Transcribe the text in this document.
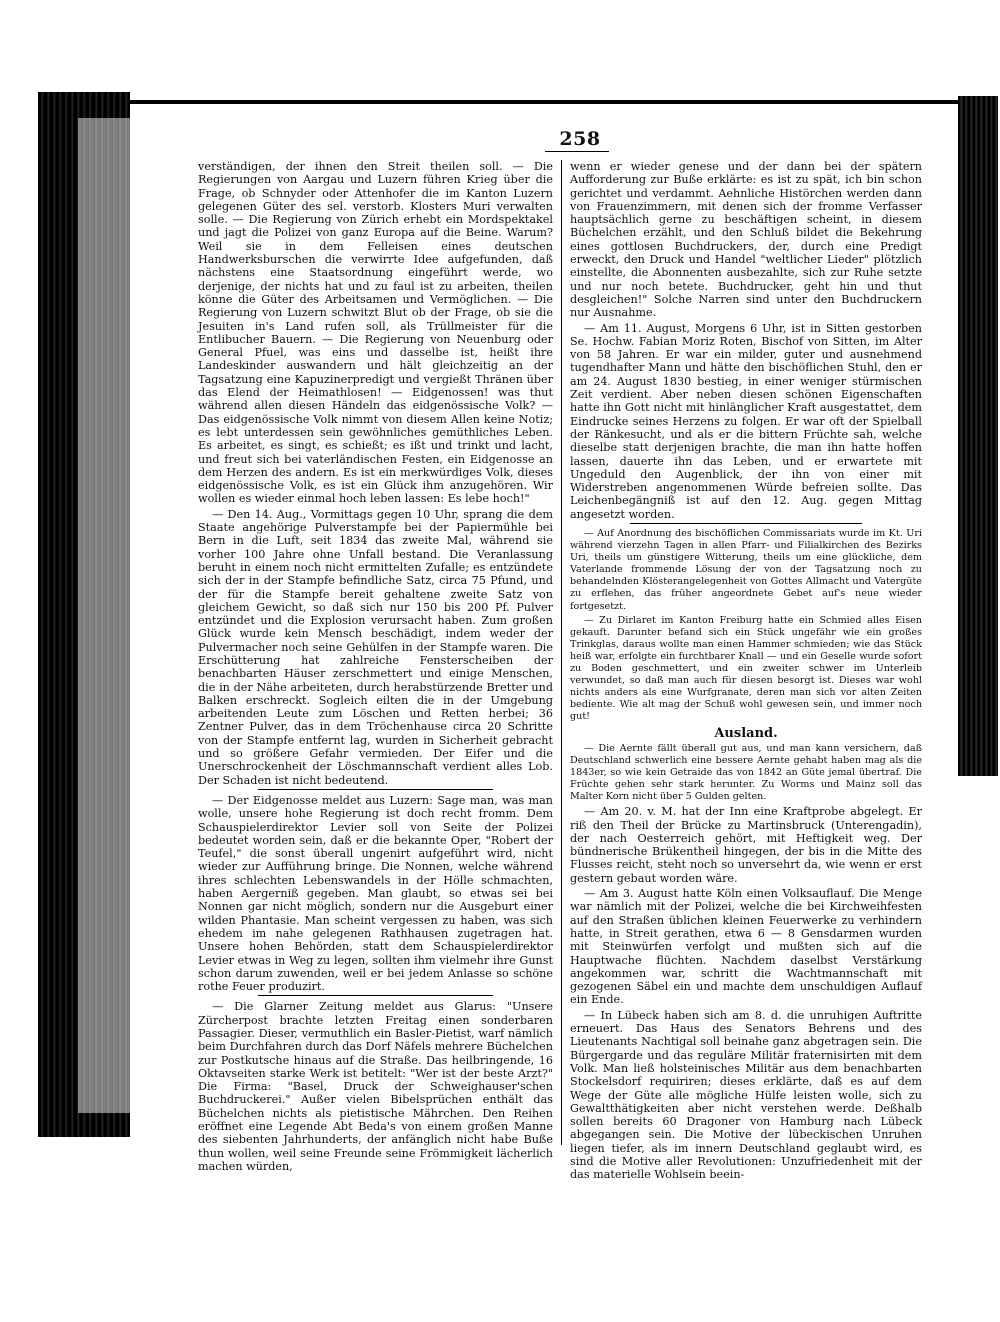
258

verständigen, der ihnen den Streit theilen soll. — Die Regierungen von Aargau und Luzern führen Krieg über die Frage, ob Schnyder oder Attenhofer die im Kanton Luzern gelegenen Güter des sel. verstorb. Klosters Muri verwalten solle. — Die Regierung von Zürich erhebt ein Mordspektakel und jagt die Polizei von ganz Europa auf die Beine. Warum? Weil sie in dem Felleisen eines deutschen Handwerksburschen die verwirrte Idee aufgefunden, daß nächstens eine Staatsordnung eingeführt werde, wo derjenige, der nichts hat und zu faul ist zu arbeiten, theilen könne die Güter des Arbeitsamen und Vermöglichen. — Die Regierung von Luzern schwitzt Blut ob der Frage, ob sie die Jesuiten in's Land rufen soll, als Trüllmeister für die Entlibucher Bauern. — Die Regierung von Neuenburg oder General Pfuel, was eins und dasselbe ist, heißt ihre Landeskinder auswandern und hält gleichzeitig an der Tagsatzung eine Kapuzinerpredigt und vergießt Thränen über das Elend der Heimathlosen! — Eidgenossen! was thut während allen diesen Händeln das eidgenössische Volk? — Das eidgenössische Volk nimmt von diesem Allen keine Notiz; es lebt unterdessen sein gewöhnliches gemüthliches Leben. Es arbeitet, es singt, es schießt; es ißt und trinkt und lacht, und freut sich bei vaterländischen Festen, ein Eidgenosse an dem Herzen des andern. Es ist ein merkwürdiges Volk, dieses eidgenössische Volk, es ist ein Glück ihm anzugehören. Wir wollen es wieder einmal hoch leben lassen: Es lebe hoch!"

— Den 14. Aug., Vormittags gegen 10 Uhr, sprang die dem Staate angehörige Pulverstampfe bei der Papiermühle bei Bern in die Luft, seit 1834 das zweite Mal, während sie vorher 100 Jahre ohne Unfall bestand. Die Veranlassung beruht in einem noch nicht ermittelten Zufalle; es entzündete sich der in der Stampfe befindliche Satz, circa 75 Pfund, und der für die Stampfe bereit gehaltene zweite Satz von gleichem Gewicht, so daß sich nur 150 bis 200 Pf. Pulver entzündet und die Explosion verursacht haben. Zum großen Glück wurde kein Mensch beschädigt, indem weder der Pulvermacher noch seine Gehülfen in der Stampfe waren. Die Erschütterung hat zahlreiche Fensterscheiben der benachbarten Häuser zerschmettert und einige Menschen, die in der Nähe arbeiteten, durch herabstürzende Bretter und Balken erschreckt. Sogleich eilten die in der Umgebung arbeitenden Leute zum Löschen und Retten herbei; 36 Zentner Pulver, das in dem Tröchenhause circa 20 Schritte von der Stampfe entfernt lag, wurden in Sicherheit gebracht und so größere Gefahr vermieden. Der Eifer und die Unerschrockenheit der Löschmannschaft verdient alles Lob. Der Schaden ist nicht bedeutend.

— Der Eidgenosse meldet aus Luzern: Sage man, was man wolle, unsere hohe Regierung ist doch recht fromm. Dem Schauspielerdirektor Levier soll von Seite der Polizei bedeutet worden sein, daß er die bekannte Oper, "Robert der Teufel," die sonst überall ungenirt aufgeführt wird, nicht wieder zur Aufführung bringe. Die Nonnen, welche während ihres schlechten Lebenswandels in der Hölle schmachten, haben Aergerniß gegeben. Man glaubt, so etwas sei bei Nonnen gar nicht möglich, sondern nur die Ausgeburt einer wilden Phantasie. Man scheint vergessen zu haben, was sich ehedem im nahe gelegenen Rathhausen zugetragen hat. Unsere hohen Behörden, statt dem Schauspielerdirektor Levier etwas in Weg zu legen, sollten ihm vielmehr ihre Gunst schon darum zuwenden, weil er bei jedem Anlasse so schöne rothe Feuer produzirt.

— Die Glarner Zeitung meldet aus Glarus: "Unsere Zürcherpost brachte letzten Freitag einen sonderbaren Passagier. Dieser, vermuthlich ein Basler-Pietist, warf nämlich beim Durchfahren durch das Dorf Näfels mehrere Büchelchen zur Postkutsche hinaus auf die Straße. Das heilbringende, 16 Oktavseiten starke Werk ist betitelt: "Wer ist der beste Arzt?" Die Firma: "Basel, Druck der Schweighauser'schen Buchdruckerei." Außer vielen Bibelsprüchen enthält das Büchelchen nichts als pietistische Mährchen. Den Reihen eröffnet eine Legende Abt Beda's von einem großen Manne des siebenten Jahrhunderts, der anfänglich nicht habe Buße thun wollen, weil seine Freunde seine Frömmigkeit lächerlich machen würden,

wenn er wieder genese und der dann bei der spätern Aufforderung zur Buße erklärte: es ist zu spät, ich bin schon gerichtet und verdammt. Aehnliche Histörchen werden dann von Frauenzimmern, mit denen sich der fromme Verfasser hauptsächlich gerne zu beschäftigen scheint, in diesem Büchelchen erzählt, und den Schluß bildet die Bekehrung eines gottlosen Buchdruckers, der, durch eine Predigt erweckt, den Druck und Handel "weltlicher Lieder" plötzlich einstellte, die Abonnenten ausbezahlte, sich zur Ruhe setzte und nur noch betete. Buchdrucker, geht hin und thut desgleichen!" Solche Narren sind unter den Buchdruckern nur Ausnahme.

— Am 11. August, Morgens 6 Uhr, ist in Sitten gestorben Se. Hochw. Fabian Moriz Roten, Bischof von Sitten, im Alter von 58 Jahren. Er war ein milder, guter und ausnehmend tugendhafter Mann und hätte den bischöflichen Stuhl, den er am 24. August 1830 bestieg, in einer weniger stürmischen Zeit verdient. Aber neben diesen schönen Eigenschaften hatte ihn Gott nicht mit hinlänglicher Kraft ausgestattet, dem Eindrucke seines Herzens zu folgen. Er war oft der Spielball der Ränkesucht, und als er die bittern Früchte sah, welche dieselbe statt derjenigen brachte, die man ihn hatte hoffen lassen, dauerte ihn das Leben, und er erwartete mit Ungeduld den Augenblick, der ihn von einer mit Widerstreben angenommenen Würde befreien sollte. Das Leichenbegängniß ist auf den 12. Aug. gegen Mittag angesetzt worden.

— Auf Anordnung des bischöflichen Commissariats wurde im Kt. Uri während vierzehn Tagen in allen Pfarr- und Filialkirchen des Bezirks Uri, theils um günstigere Witterung, theils um eine glückliche, dem Vaterlande frommende Lösung der von der Tagsatzung noch zu behandelnden Klösterangelegenheit von Gottes Allmacht und Vatergüte zu erflehen, das früher angeordnete Gebet auf's neue wieder fortgesetzt.

— Zu Dirlaret im Kanton Freiburg hatte ein Schmied alles Eisen gekauft. Darunter befand sich ein Stück ungefähr wie ein großes Trinkglas, daraus wollte man einen Hammer schmieden; wie das Stück heiß war, erfolgte ein furchtbarer Knall — und ein Geselle wurde sofort zu Boden geschmettert, und ein zweiter schwer im Unterleib verwundet, so daß man auch für diesen besorgt ist. Dieses war wohl nichts anders als eine Wurfgranate, deren man sich vor alten Zeiten bediente. Wie alt mag der Schuß wohl gewesen sein, und immer noch gut!

Ausland.

— Die Aernte fällt überall gut aus, und man kann versichern, daß Deutschland schwerlich eine bessere Aernte gehabt haben mag als die 1843er, so wie kein Getraide das von 1842 an Güte jemal übertraf. Die Früchte gehen sehr stark herunter. Zu Worms und Mainz soll das Malter Korn nicht über 5 Gulden gelten.

— Am 20. v. M. hat der Inn eine Kraftprobe abgelegt. Er riß den Theil der Brücke zu Martinsbruck (Unterengadin), der nach Oesterreich gehört, mit Heftigkeit weg. Der bündnerische Brükentheil hingegen, der bis in die Mitte des Flusses reicht, steht noch so unversehrt da, wie wenn er erst gestern gebaut worden wäre.

— Am 3. August hatte Köln einen Volksauflauf. Die Menge war nämlich mit der Polizei, welche die bei Kirchweihfesten auf den Straßen üblichen kleinen Feuerwerke zu verhindern hatte, in Streit gerathen, etwa 6 — 8 Gensdarmen wurden mit Steinwürfen verfolgt und mußten sich auf die Hauptwache flüchten. Nachdem daselbst Verstärkung angekommen war, schritt die Wachtmannschaft mit gezogenen Säbel ein und machte dem unschuldigen Auflauf ein Ende.

— In Lübeck haben sich am 8. d. die unruhigen Auftritte erneuert. Das Haus des Senators Behrens und des Lieutenants Nachtigal soll beinahe ganz abgetragen sein. Die Bürgergarde und das reguläre Militär fraternisirten mit dem Volk. Man ließ holsteinisches Militär aus dem benachbarten Stockelsdorf requiriren; dieses erklärte, daß es auf dem Wege der Güte alle mögliche Hülfe leisten wolle, sich zu Gewaltthätigkeiten aber nicht verstehen werde. Deßhalb sollen bereits 60 Dragoner von Hamburg nach Lübeck abgegangen sein. Die Motive der lübeckischen Unruhen liegen tiefer, als im innern Deutschland geglaubt wird, es sind die Motive aller Revolutionen: Unzufriedenheit mit der das materielle Wohlsein beein-
